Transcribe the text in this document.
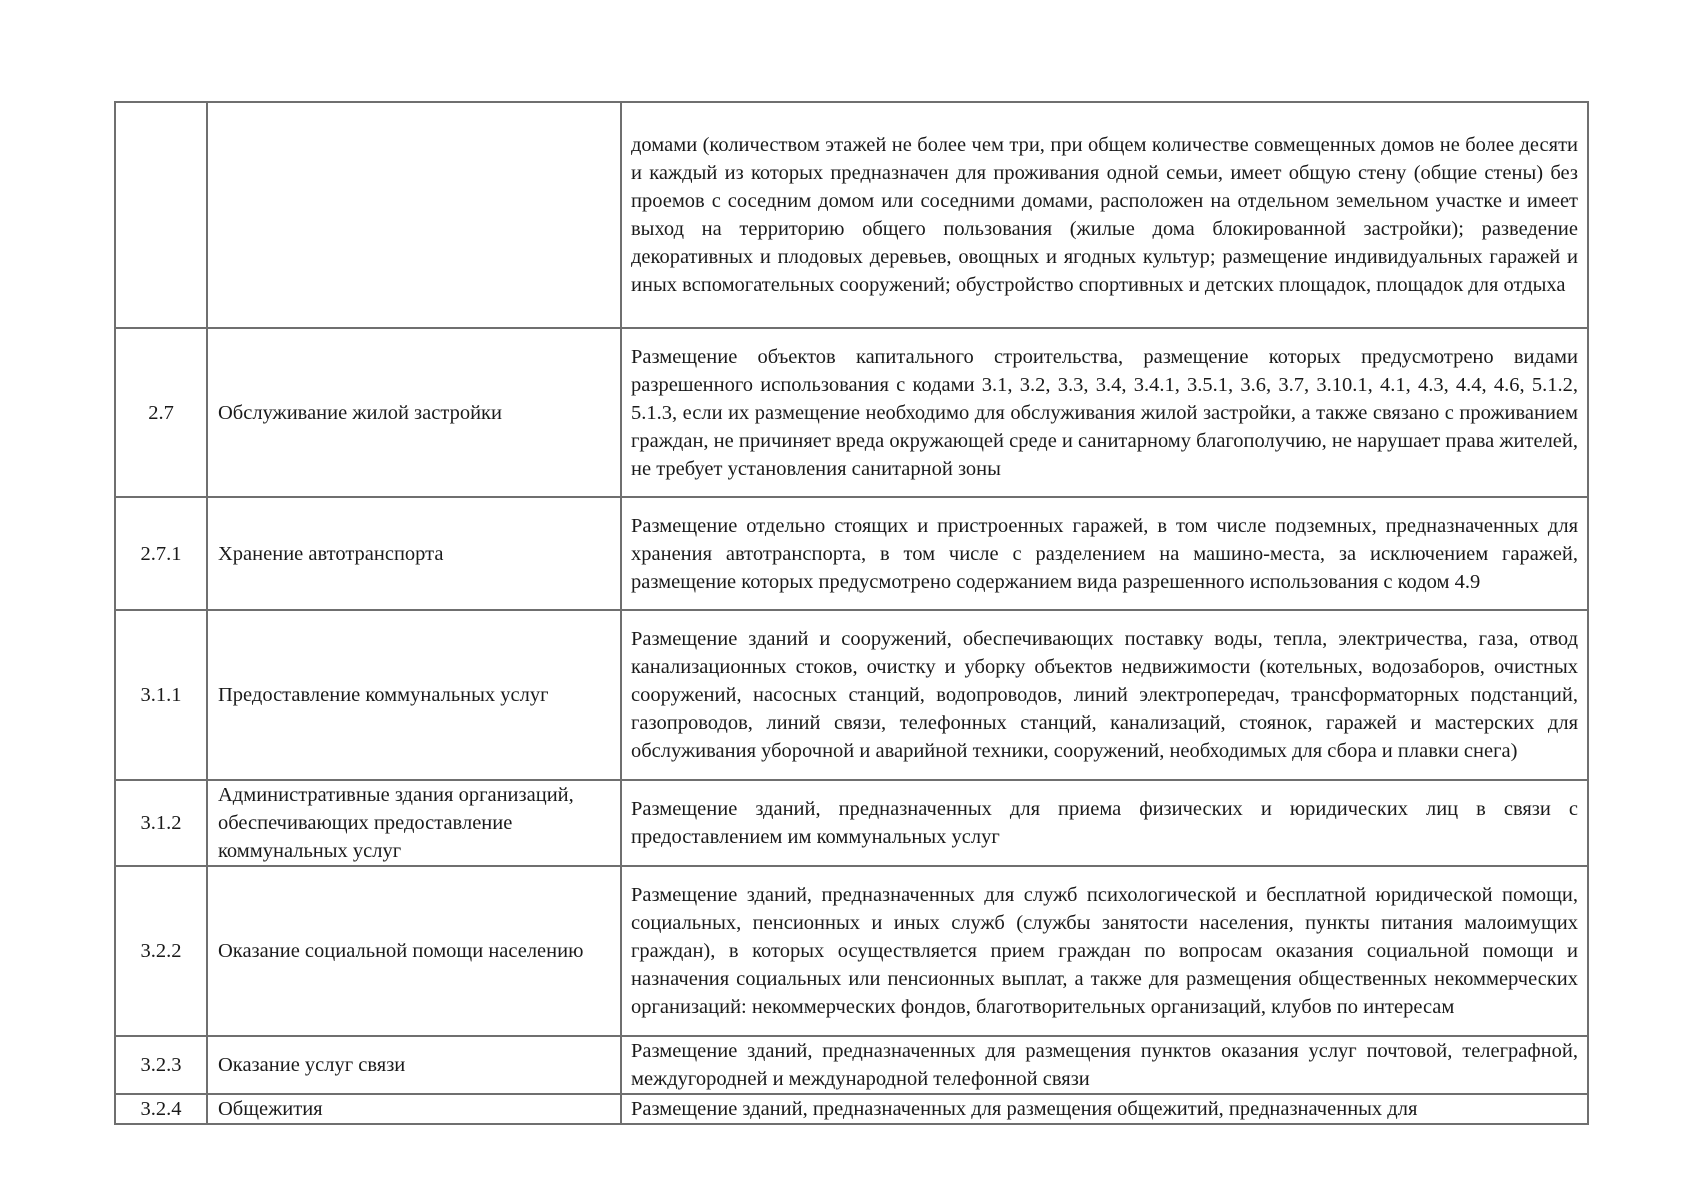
		домами (количеством этажей не более чем три, при общем количестве совмещенных домов не более десяти и каждый из которых предназначен для проживания одной семьи, имеет общую стену (общие стены) без проемов с соседним домом или соседними домами, расположен на отдельном земельном участке и имеет выход на территорию общего пользования (жилые дома блокированной застройки); разведение декоративных и плодовых деревьев, овощных и ягодных культур; размещение индивидуальных гаражей и иных вспомогательных сооружений; обустройство спортивных и детских площадок, площадок для отдыха
2.7	Обслуживание жилой застройки	Размещение объектов капитального строительства, размещение которых предусмотрено видами разрешенного использования с кодами 3.1, 3.2, 3.3, 3.4, 3.4.1, 3.5.1, 3.6, 3.7, 3.10.1, 4.1, 4.3, 4.4, 4.6, 5.1.2, 5.1.3, если их размещение необходимо для обслуживания жилой застройки, а также связано с проживанием граждан, не причиняет вреда окружающей среде и санитарному благополучию, не нарушает права жителей, не требует установления санитарной зоны
2.7.1	Хранение автотранспорта	Размещение отдельно стоящих и пристроенных гаражей, в том числе подземных, предназначенных для хранения автотранспорта, в том числе с разделением на машино-места, за исключением гаражей, размещение которых предусмотрено содержанием вида разрешенного использования с кодом 4.9
3.1.1	Предоставление коммунальных услуг	Размещение зданий и сооружений, обеспечивающих поставку воды, тепла, электричества, газа, отвод канализационных стоков, очистку и уборку объектов недвижимости (котельных, водозаборов, очистных сооружений, насосных станций, водопроводов, линий электропередач, трансформаторных подстанций, газопроводов, линий связи, телефонных станций, канализаций, стоянок, гаражей и мастерских для обслуживания уборочной и аварийной техники, сооружений, необходимых для сбора и плавки снега)
3.1.2	Административные здания организаций, обеспечивающих предоставление коммунальных услуг	Размещение зданий, предназначенных для приема физических и юридических лиц в связи с предоставлением им коммунальных услуг
3.2.2	Оказание социальной помощи населению	Размещение зданий, предназначенных для служб психологической и бесплатной юридической помощи, социальных, пенсионных и иных служб (службы занятости населения, пункты питания малоимущих граждан), в которых осуществляется прием граждан по вопросам оказания социальной помощи и назначения социальных или пенсионных выплат, а также для размещения общественных некоммерческих организаций: некоммерческих фондов, благотворительных организаций, клубов по интересам
3.2.3	Оказание услуг связи	Размещение зданий, предназначенных для размещения пунктов оказания услуг почтовой, телеграфной, междугородней и международной телефонной связи
3.2.4	Общежития	Размещение зданий, предназначенных для размещения общежитий, предназначенных для
